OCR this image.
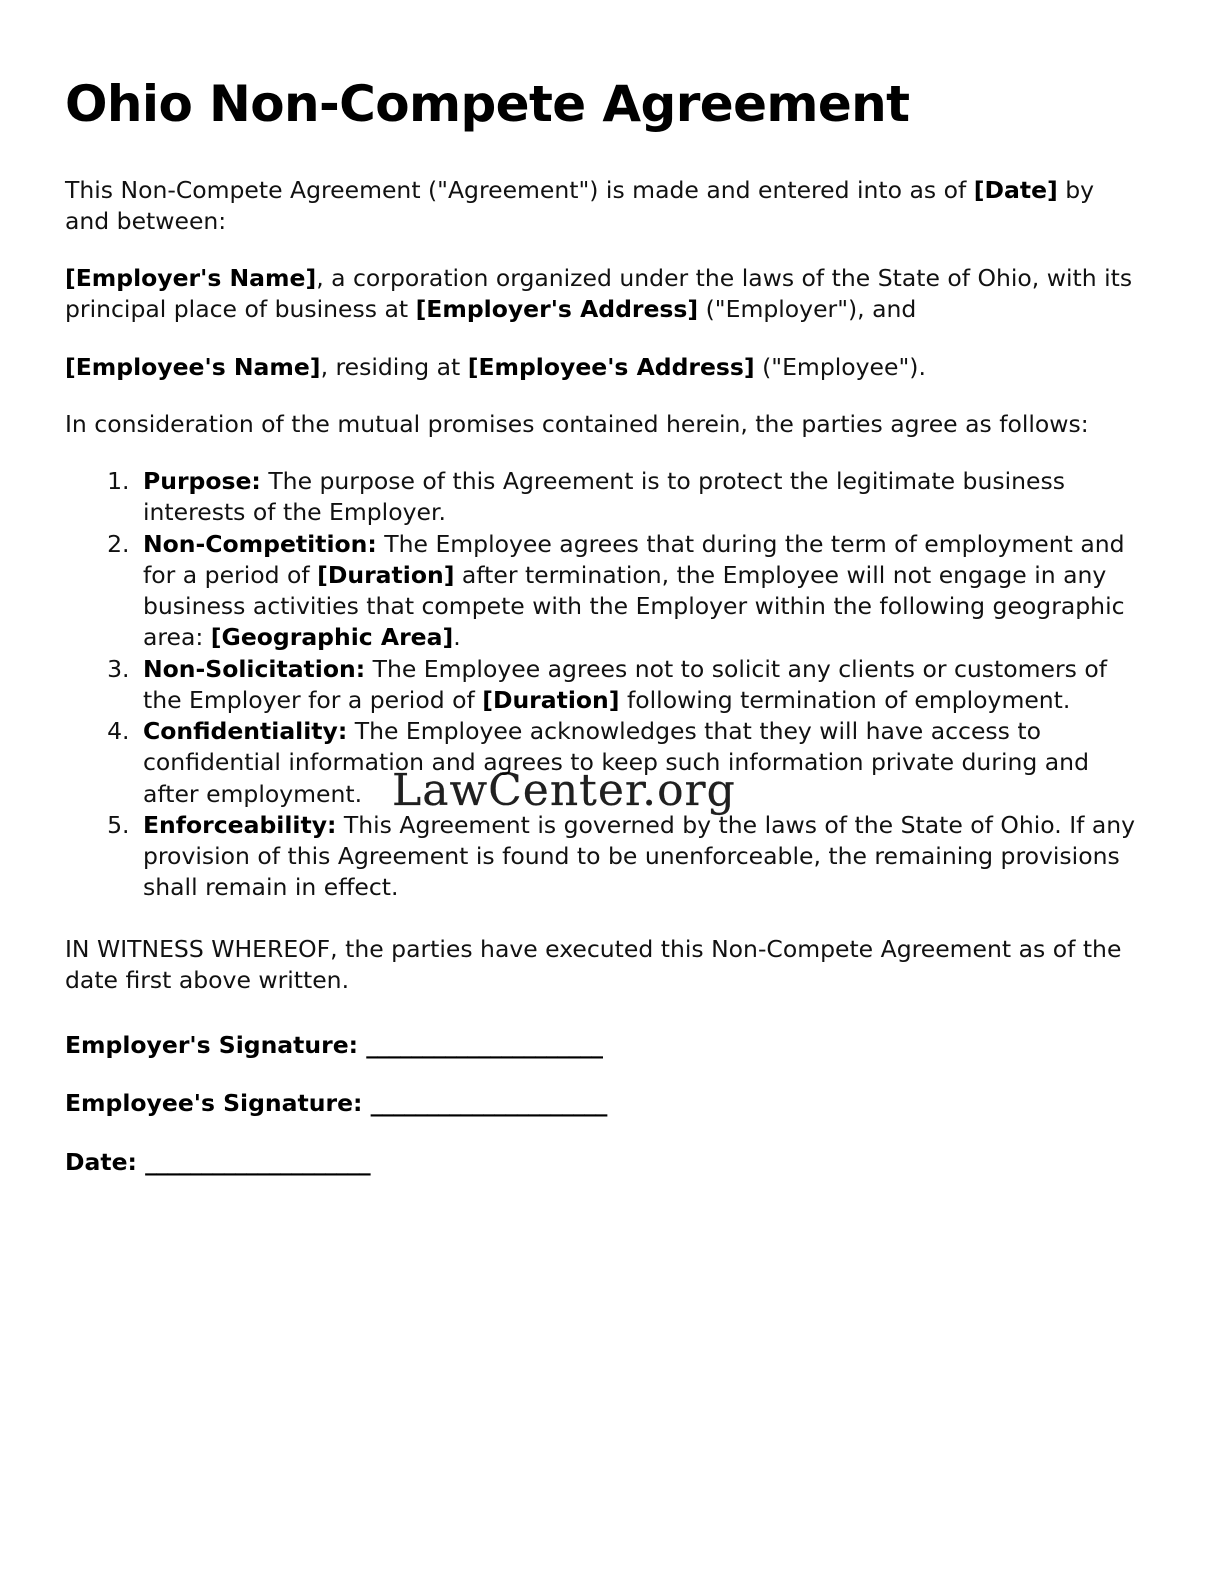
Ohio Non-Compete Agreement

This Non-Compete Agreement ("Agreement") is made and entered into as of [Date] by and between:

[Employer's Name], a corporation organized under the laws of the State of Ohio, with its principal place of business at [Employer's Address] ("Employer"), and

[Employee's Name], residing at [Employee's Address] ("Employee").

In consideration of the mutual promises contained herein, the parties agree as follows:

1. Purpose: The purpose of this Agreement is to protect the legitimate business interests of the Employer.
2. Non-Competition: The Employee agrees that during the term of employment and for a period of [Duration] after termination, the Employee will not engage in any business activities that compete with the Employer within the following geographic area: [Geographic Area].
3. Non-Solicitation: The Employee agrees not to solicit any clients or customers of the Employer for a period of [Duration] following termination of employment.
4. Confidentiality: The Employee acknowledges that they will have access to confidential information and agrees to keep such information private during and after employment.
5. Enforceability: This Agreement is governed by the laws of the State of Ohio. If any provision of this Agreement is found to be unenforceable, the remaining provisions shall remain in effect.

IN WITNESS WHEREOF, the parties have executed this Non-Compete Agreement as of the date first above written.

Employer's Signature: _____________________

Employee's Signature: _____________________

Date: ____________________

LawCenter.org
